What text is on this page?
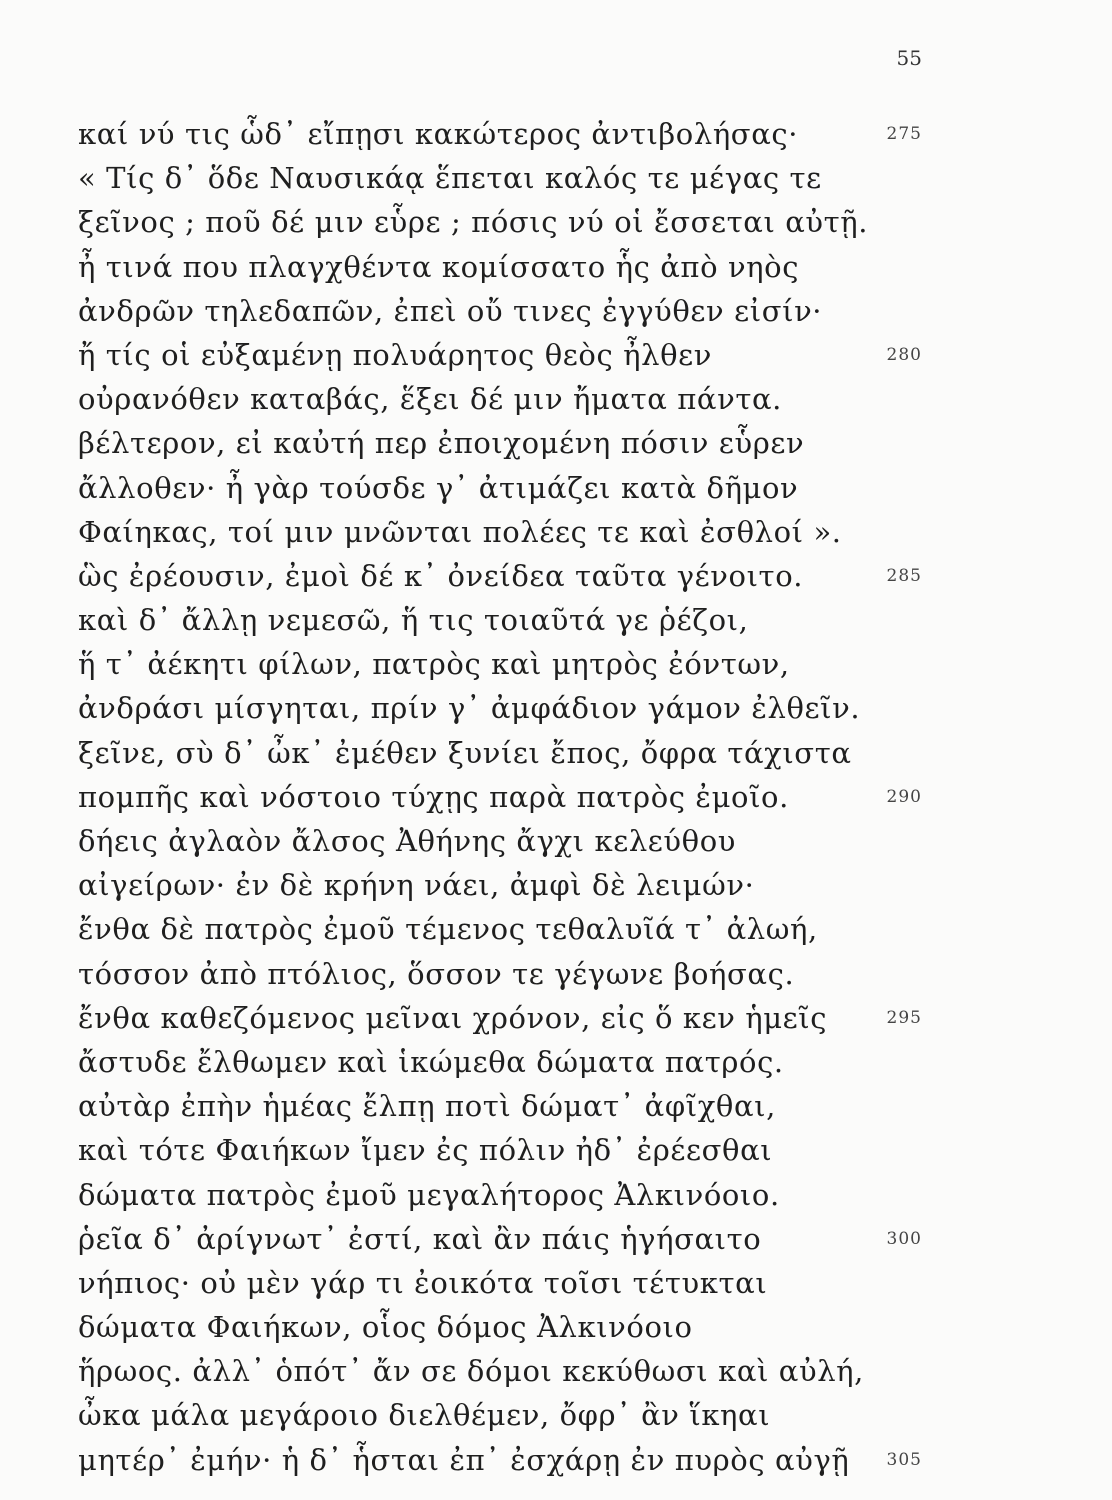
55
καί νύ τις ὧδ᾽ εἴπῃσι κακώτερος ἀντιβολήσας·	275
« Τίς δ᾽ ὅδε Ναυσικάᾳ ἕπεται καλός τε μέγας τε
ξεῖνος ; ποῦ δέ μιν εὗρε ; πόσις νύ οἱ ἔσσεται αὐτῇ.
ἦ τινά που πλαγχθέντα κομίσσατο ἧς ἀπὸ νηὸς
ἀνδρῶν τηλεδαπῶν, ἐπεὶ οὔ τινες ἐγγύθεν εἰσίν·
ἤ τίς οἱ εὐξαμένῃ πολυάρητος θεὸς ἦλθεν	280
οὐρανόθεν καταβάς, ἕξει δέ μιν ἤματα πάντα.
βέλτερον, εἰ καὐτή περ ἐποιχομένη πόσιν εὗρεν
ἄλλοθεν· ἦ γὰρ τούσδε γ᾽ ἀτιμάζει κατὰ δῆμον
Φαίηκας, τοί μιν μνῶνται πολέες τε καὶ ἐσθλοί ».
ὣς ἐρέουσιν, ἐμοὶ δέ κ᾽ ὀνείδεα ταῦτα γένοιτο.	285
καὶ δ᾽ ἄλλῃ νεμεσῶ, ἥ τις τοιαῦτά γε ῥέζοι,
ἥ τ᾽ ἀέκητι φίλων, πατρὸς καὶ μητρὸς ἐόντων,
ἀνδράσι μίσγηται, πρίν γ᾽ ἀμφάδιον γάμον ἐλθεῖν.
ξεῖνε, σὺ δ᾽ ὦκ᾽ ἐμέθεν ξυνίει ἔπος, ὄφρα τάχιστα
πομπῆς καὶ νόστοιο τύχῃς παρὰ πατρὸς ἐμοῖο.	290
δήεις ἀγλαὸν ἄλσος Ἀθήνης ἄγχι κελεύθου
αἰγείρων· ἐν δὲ κρήνη νάει, ἀμφὶ δὲ λειμών·
ἔνθα δὲ πατρὸς ἐμοῦ τέμενος τεθαλυῖά τ᾽ ἀλωή,
τόσσον ἀπὸ πτόλιος, ὅσσον τε γέγωνε βοήσας.
ἔνθα καθεζόμενος μεῖναι χρόνον, εἰς ὅ κεν ἡμεῖς	295
ἄστυδε ἔλθωμεν καὶ ἱκώμεθα δώματα πατρός.
αὐτὰρ ἐπὴν ἡμέας ἔλπῃ ποτὶ δώματ᾽ ἀφῖχθαι,
καὶ τότε Φαιήκων ἴμεν ἐς πόλιν ἠδ᾽ ἐρέεσθαι
δώματα πατρὸς ἐμοῦ μεγαλήτορος Ἀλκινόοιο.
ῥεῖα δ᾽ ἀρίγνωτ᾽ ἐστί, καὶ ἂν πάις ἡγήσαιτο	300
νήπιος· οὐ μὲν γάρ τι ἐοικότα τοῖσι τέτυκται
δώματα Φαιήκων, οἷος δόμος Ἀλκινόοιο
ἥρωος. ἀλλ᾽ ὁπότ᾽ ἄν σε δόμοι κεκύθωσι καὶ αὐλή,
ὦκα μάλα μεγάροιο διελθέμεν, ὄφρ᾽ ἂν ἵκηαι
μητέρ᾽ ἐμήν· ἡ δ᾽ ἧσται ἐπ᾽ ἐσχάρῃ ἐν πυρὸς αὐγῇ	305
